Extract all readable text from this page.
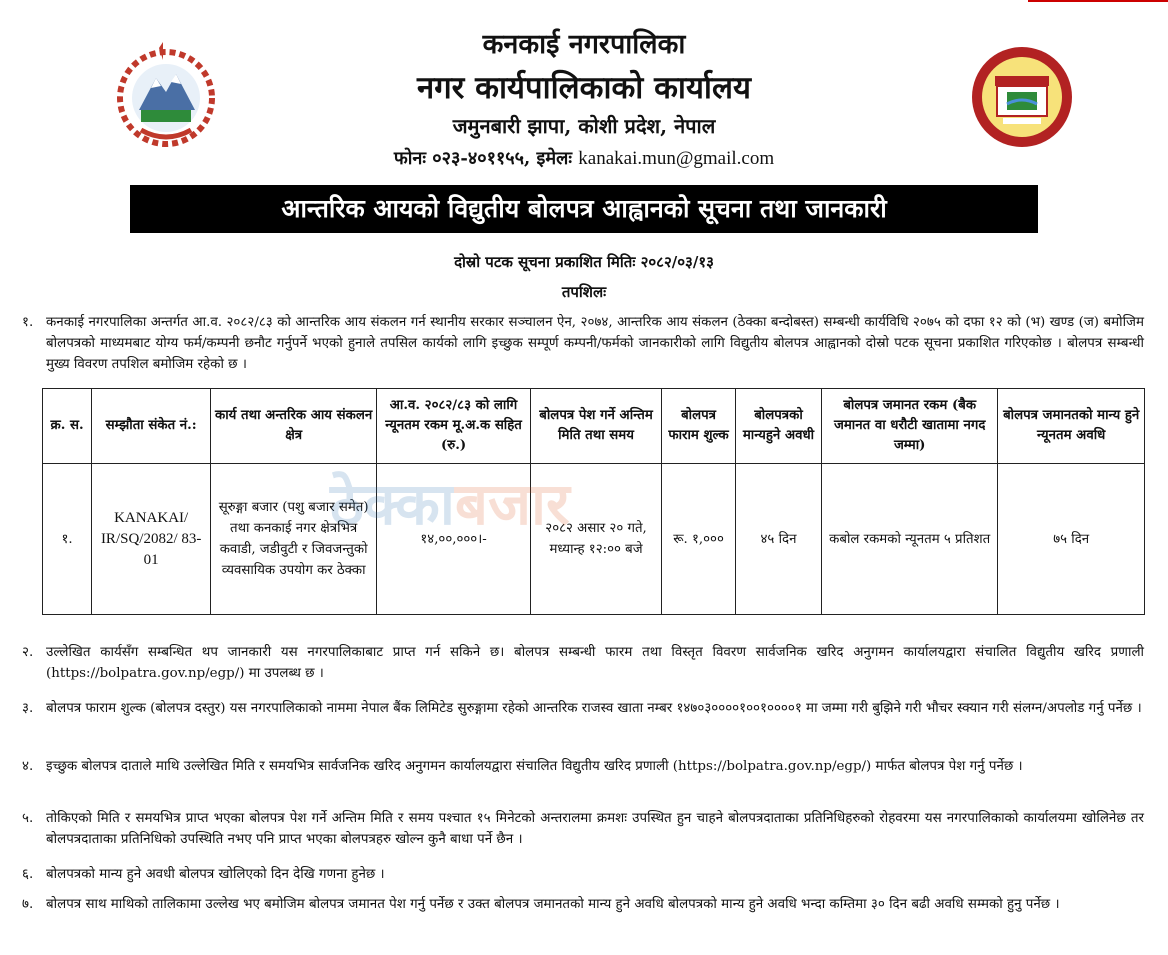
कनकाई नगरपालिका
नगर कार्यपालिकाको कार्यालय
जमुनबारी झापा, कोशी प्रदेश, नेपाल
फोनः ०२३-४०११५५, इमेलः kanakai.mun@gmail.com
आन्तरिक आयको विद्युतीय बोलपत्र आह्वानको सूचना तथा जानकारी
दोस्रो पटक सूचना प्रकाशित मितिः २०८२/०३/१३
तपशिलः
१. कनकाई नगरपालिका अन्तर्गत आ.व. २०८२/८३ को आन्तरिक आय संकलन गर्न स्थानीय सरकार सञ्चालन ऐन, २०७४, आन्तरिक आय संकलन (ठेक्का बन्दोबस्त) सम्बन्धी कार्यविधि २०७५ को दफा १२ को (भ) खण्ड (ज) बमोजिम बोलपत्रको माध्यमबाट योग्य फर्म/कम्पनी छनौट गर्नुपर्ने भएको हुनाले तपसिल कार्यको लागि इच्छुक सम्पूर्ण कम्पनी/फर्मको जानकारीको लागि विद्युतीय बोलपत्र आह्वानको दोस्रो पटक सूचना प्रकाशित गरिएकोछ । बोलपत्र सम्बन्धी मुख्य विवरण तपशिल बमोजिम रहेको छ ।
क्र. स.	सम्झौता संकेत नं.:	कार्य तथा अन्तरिक आय संकलन क्षेत्र	आ.व. २०८२/८३ को लागि न्यूनतम रकम मू.अ.क सहित (रु.)	बोलपत्र पेश गर्ने अन्तिम मिति तथा समय	बोलपत्र फाराम शुल्क	बोलपत्रको मान्यहुने अवधी	बोलपत्र जमानत रकम (बैक जमानत वा धरौटी खातामा नगद जम्मा)	बोलपत्र जमानतको मान्य हुने न्यूनतम अवधि
१.	KANAKAI/ IR/SQ/2082/ 83-01	सूरुङ्गा बजार (पशु बजार समेत) तथा कनकाई नगर क्षेत्रभित्र कवाडी, जडीवुटी र जिवजन्तुको व्यवसायिक उपयोग कर ठेक्का	१४,००,०००।-	२०८२ असार २० गते, मध्यान्ह १२:०० बजे	रू. १,०००	४५ दिन	कबोल रकमको न्यूनतम ५ प्रतिशत	७५ दिन
ठेक्काबजार
२. उल्लेखित कार्यसँग सम्बन्धित थप जानकारी यस नगरपालिकाबाट प्राप्त गर्न सकिने छ। बोलपत्र सम्बन्धी फारम तथा विस्तृत विवरण सार्वजनिक खरिद अनुगमन कार्यालयद्वारा संचालित विद्युतीय खरिद प्रणाली (https://bolpatra.gov.np/egp/) मा उपलब्ध छ ।
३. बोलपत्र फाराम शुल्क (बोलपत्र दस्तुर) यस नगरपालिकाको नाममा नेपाल बैंक लिमिटेड सुरुङ्गामा रहेको आन्तरिक राजस्व खाता नम्बर १४७०३००००१००१००००१ मा जम्मा गरी बुझिने गरी भौचर स्क्यान गरी संलग्न/अपलोड गर्नु पर्नेछ ।
४. इच्छुक बोलपत्र दाताले माथि उल्लेखित मिति र समयभित्र सार्वजनिक खरिद अनुगमन कार्यालयद्वारा संचालित विद्युतीय खरिद प्रणाली (https://bolpatra.gov.np/egp/) मार्फत बोलपत्र पेश गर्नु पर्नेछ ।
५. तोकिएको मिति र समयभित्र प्राप्त भएका बोलपत्र पेश गर्ने अन्तिम मिति र समय पश्चात १५ मिनेटको अन्तरालमा क्रमशः उपस्थित हुन चाहने बोलपत्रदाताका प्रतिनिधिहरुको रोहवरमा यस नगरपालिकाको कार्यालयमा खोलिनेछ तर बोलपत्रदाताका प्रतिनिधिको उपस्थिति नभए पनि प्राप्त भएका बोलपत्रहरु खोल्न कुनै बाधा पर्ने छैन ।
६. बोलपत्रको मान्य हुने अवधी बोलपत्र खोलिएको दिन देखि गणना हुनेछ ।
७. बोलपत्र साथ माथिको तालिकामा उल्लेख भए बमोजिम बोलपत्र जमानत पेश गर्नु पर्नेछ र उक्त बोलपत्र जमानतको मान्य हुने अवधि बोलपत्रको मान्य हुने अवधि भन्दा कम्तिमा ३० दिन बढी अवधि सम्मको हुनु पर्नेछ ।
